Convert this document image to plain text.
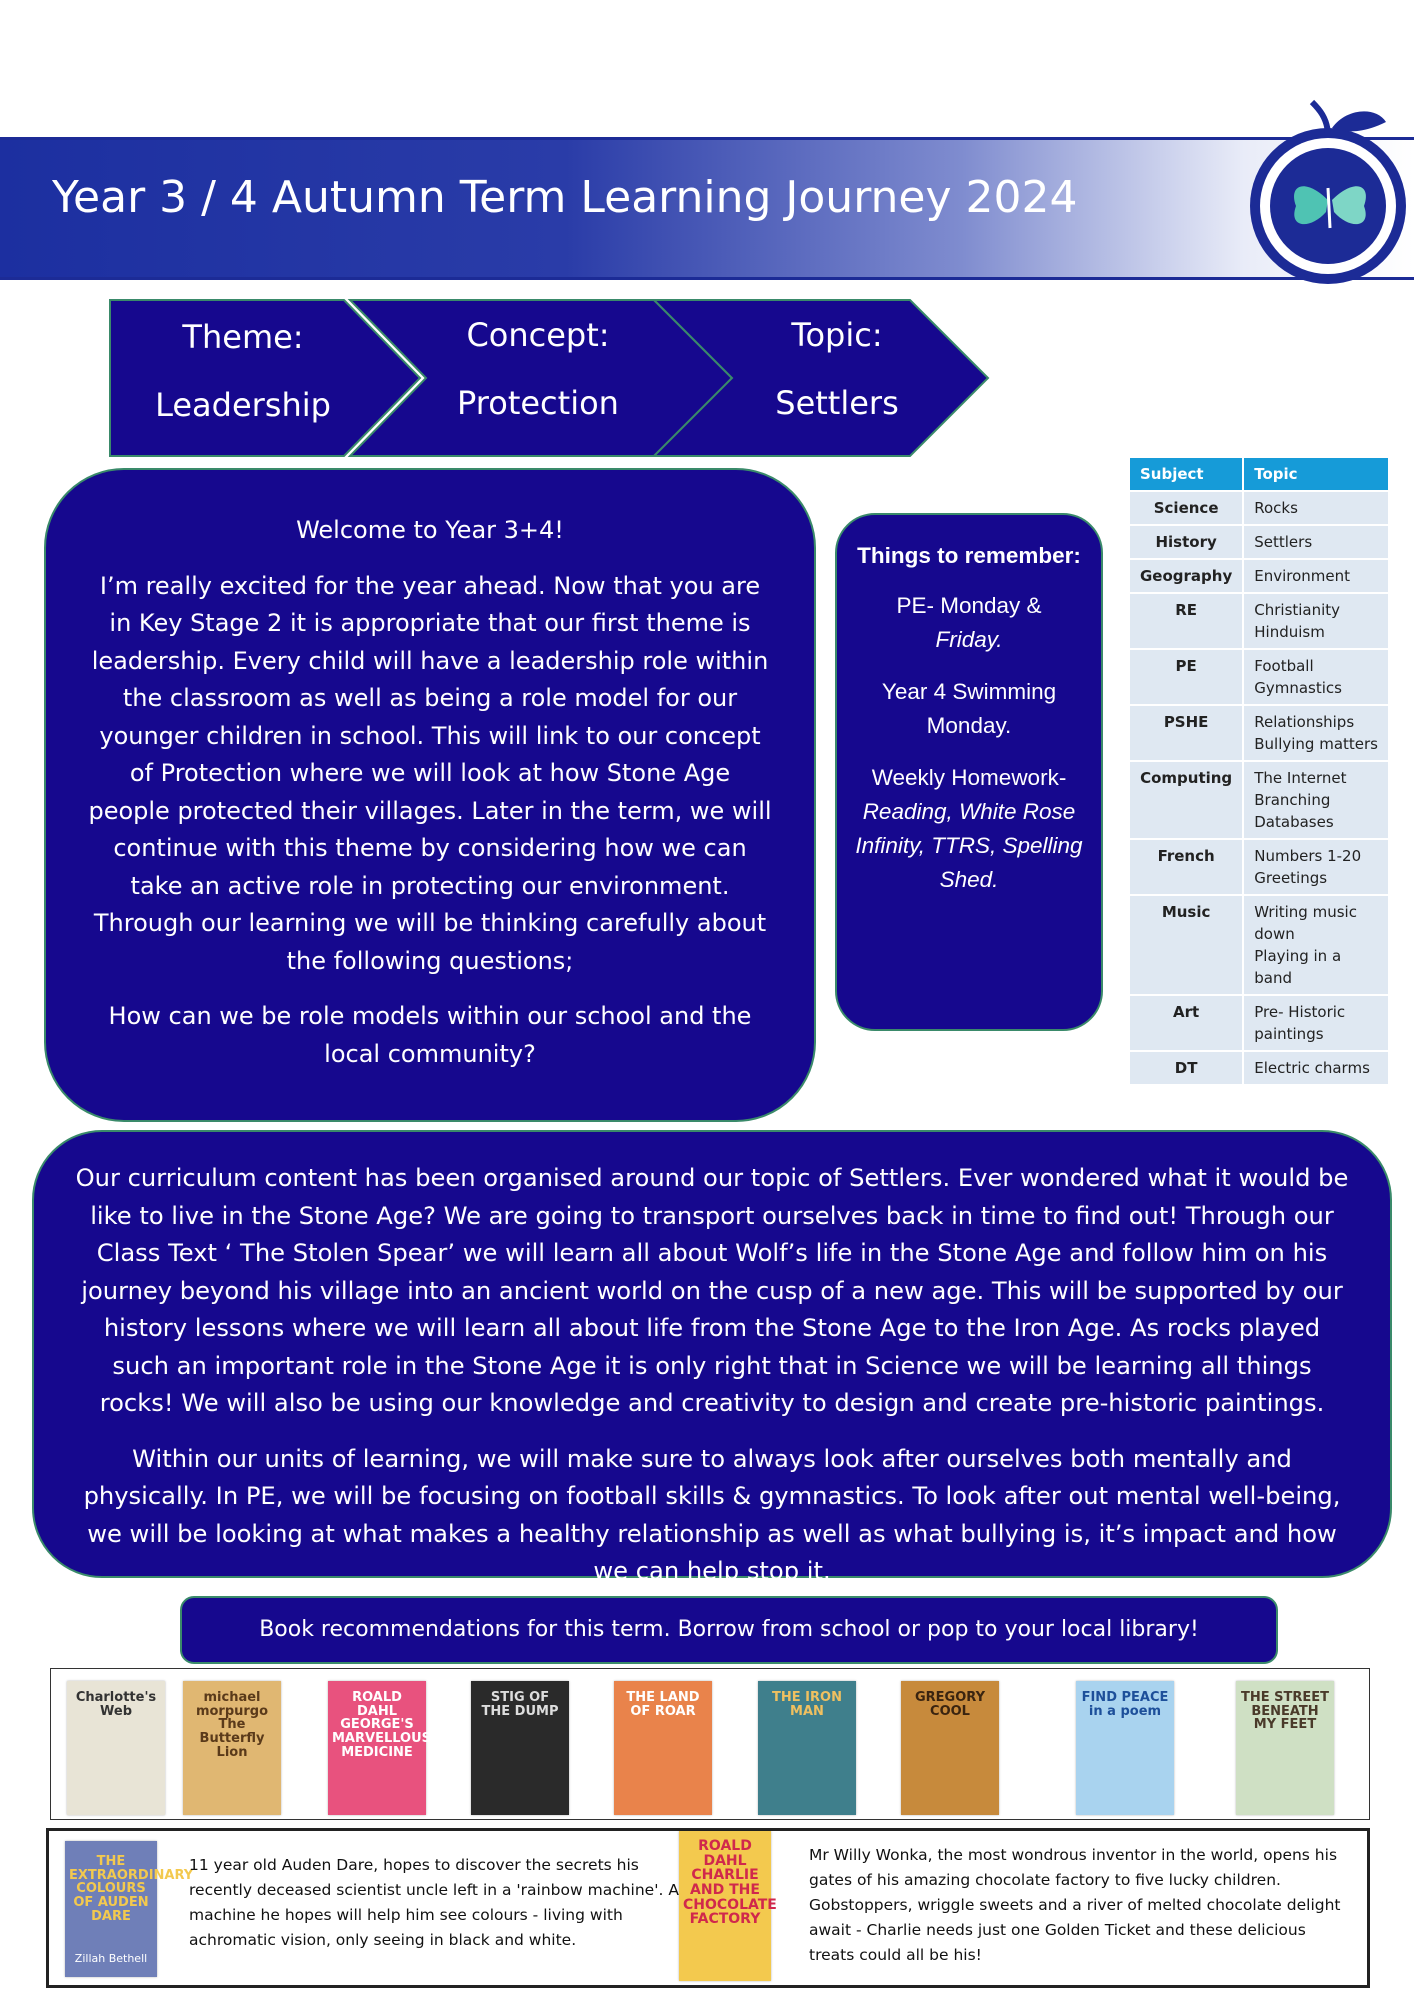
Year 3 / 4 Autumn Term Learning Journey 2024
Theme:
Leadership
Concept:
Protection
Topic:
Settlers

Welcome to Year 3+4!

I’m really excited for the year ahead. Now that you are in Key Stage 2 it is appropriate that our first theme is leadership. Every child will have a leadership role within the classroom as well as being a role model for our younger children in school. This will link to our concept of Protection where we will look at how Stone Age people protected their villages. Later in the term, we will continue with this theme by considering how we can take an active role in protecting our environment. Through our learning we will be thinking carefully about the following questions;

How can we be role models within our school and the local community?

Things to remember:

PE- Monday &
Friday.

Year 4 Swimming Monday.

Weekly Homework-
Reading, White Rose Infinity, TTRS, Spelling Shed.

Subject	Topic
Science	Rocks
History	Settlers
Geography	Environment
RE	Christianity
Hinduism
PE	Football
Gymnastics
PSHE	Relationships
Bullying matters
Computing	The Internet
Branching
Databases
French	Numbers 1-20
Greetings
Music	Writing music down
Playing in a band
Art	Pre- Historic paintings
DT	Electric charms

Our curriculum content has been organised around our topic of Settlers. Ever wondered what it would be like to live in the Stone Age? We are going to transport ourselves back in time to find out! Through our Class Text ‘ The Stolen Spear’ we will learn all about Wolf’s life in the Stone Age and follow him on his journey beyond his village into an ancient world on the cusp of a new age. This will be supported by our history lessons where we will learn all about life from the Stone Age to the Iron Age. As rocks played such an important role in the Stone Age it is only right that in Science we will be learning all things rocks! We will also be using our knowledge and creativity to design and create pre-historic paintings.

Within our units of learning, we will make sure to always look after ourselves both mentally and physically. In PE, we will be focusing on football skills & gymnastics. To look after out mental well-being, we will be looking at what makes a healthy relationship as well as what bullying is, it’s impact and how we can help stop it.

Book recommendations for this term. Borrow from school or pop to your local library!
Charlotte's Web
michael morpurgo The Butterfly Lion
ROALD DAHL GEORGE'S MARVELLOUS MEDICINE
STIG OF THE DUMP
THE LAND OF ROAR
THE IRON MAN
GREGORY COOL
FIND PEACE in a poem
THE STREET BENEATH MY FEET
THE EXTRAORDINARY COLOURS OF AUDEN DARE
Zillah Bethell
11 year old Auden Dare, hopes to discover the secrets his recently deceased scientist uncle left in a 'rainbow machine'. A machine he hopes will help him see colours - living with achromatic vision, only seeing in black and white.
ROALD DAHL CHARLIE AND THE CHOCOLATE FACTORY
Mr Willy Wonka, the most wondrous inventor in the world, opens his gates of his amazing chocolate factory to five lucky children. Gobstoppers, wriggle sweets and a river of melted chocolate delight await - Charlie needs just one Golden Ticket and these delicious treats could all be his!
